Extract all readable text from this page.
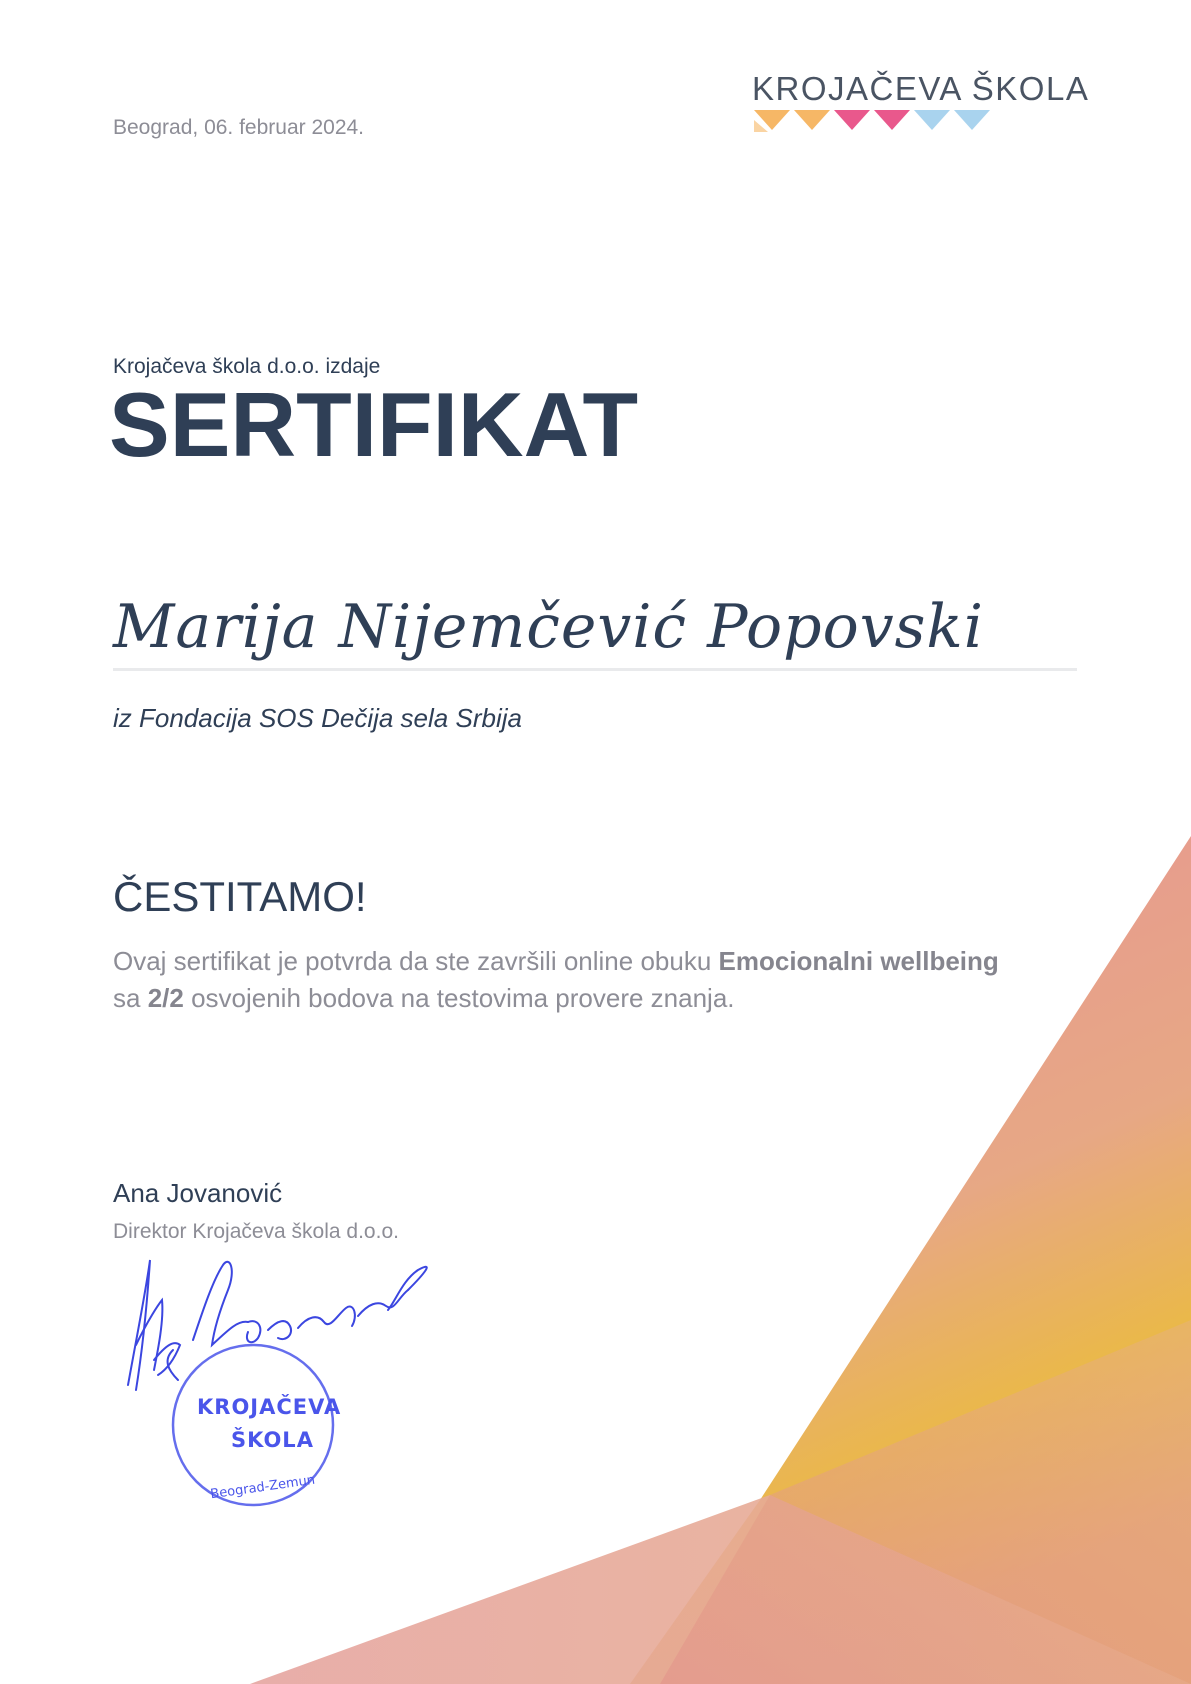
Beograd, 06. februar 2024.
KROJAČEVA ŠKOLA
Krojačeva škola d.o.o. izdaje
SERTIFIKAT
Marija Nijemčević Popovski
iz Fondacija SOS Dečija sela Srbija
ČESTITAMO!
Ovaj sertifikat je potvrda da ste završili online obuku Emocionalni wellbeing sa 2/2 osvojenih bodova na testovima provere znanja.
Ana Jovanović
Direktor Krojačeva škola d.o.o.
KROJAČEVA
ŠKOLA
Beograd-Zemun
